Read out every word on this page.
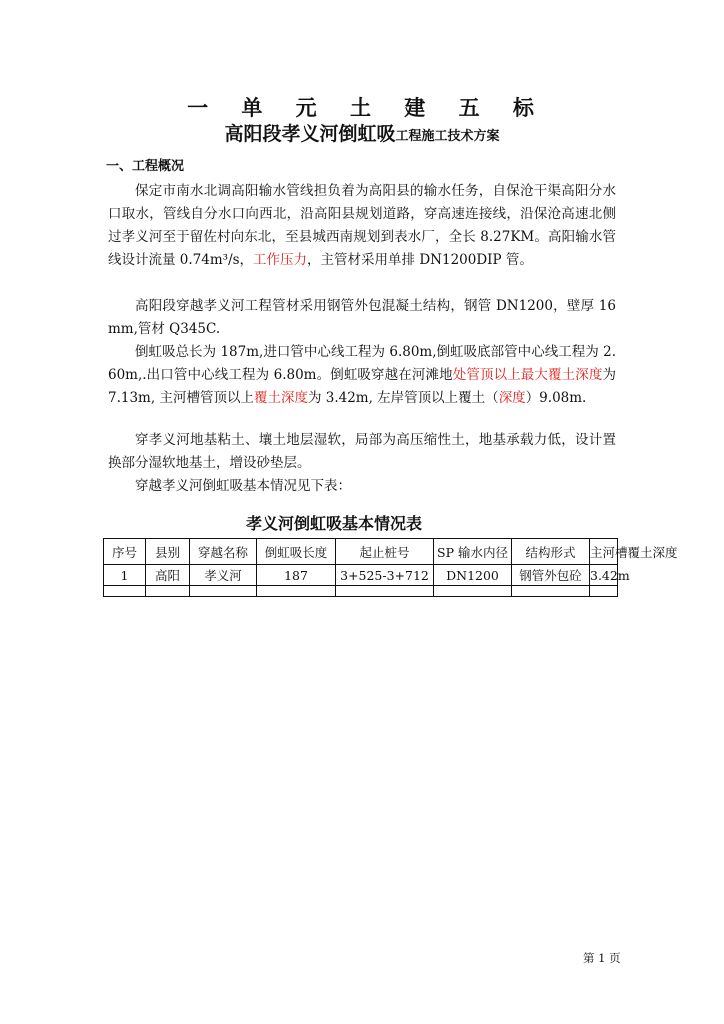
一 单 元 土 建 五 标
高阳段孝义河倒虹吸工程施工技术方案
一、工程概况
保定市南水北调高阳输水管线担负着为高阳县的输水任务，自保沧干渠高阳分水口取水，管线自分水口向西北，沿高阳县规划道路，穿高速连接线，沿保沧高速北侧过孝义河至于留佐村向东北，至县城西南规划到表水厂，全长 8.27KM。高阳输水管线设计流量 0.74m³/s，工作压力，主管材采用单排 DN1200DIP 管。
高阳段穿越孝义河工程管材采用钢管外包混凝土结构，钢管 DN1200，壁厚 16mm,管材 Q345C.
倒虹吸总长为 187m,进口管中心线工程为 6.80m,倒虹吸底部管中心线工程为 2.60m,.出口管中心线工程为 6.80m。倒虹吸穿越在河滩地处管顶以上最大覆土深度为 7.13m, 主河槽管顶以上覆土深度为 3.42m, 左岸管顶以上覆土（深度）9.08m.
穿孝义河地基粘土、壤土地层湿软，局部为高压缩性土，地基承载力低，设计置换部分湿软地基土，增设砂垫层。
穿越孝义河倒虹吸基本情况见下表：
孝义河倒虹吸基本情况表
序号	县别	穿越名称	倒虹吸长度	起止桩号	SP 输水内径	结构形式	主河槽覆土深度
1	高阳	孝义河	187	3+525-3+712	DN1200	钢管外包砼	3.42m

第 1 页
